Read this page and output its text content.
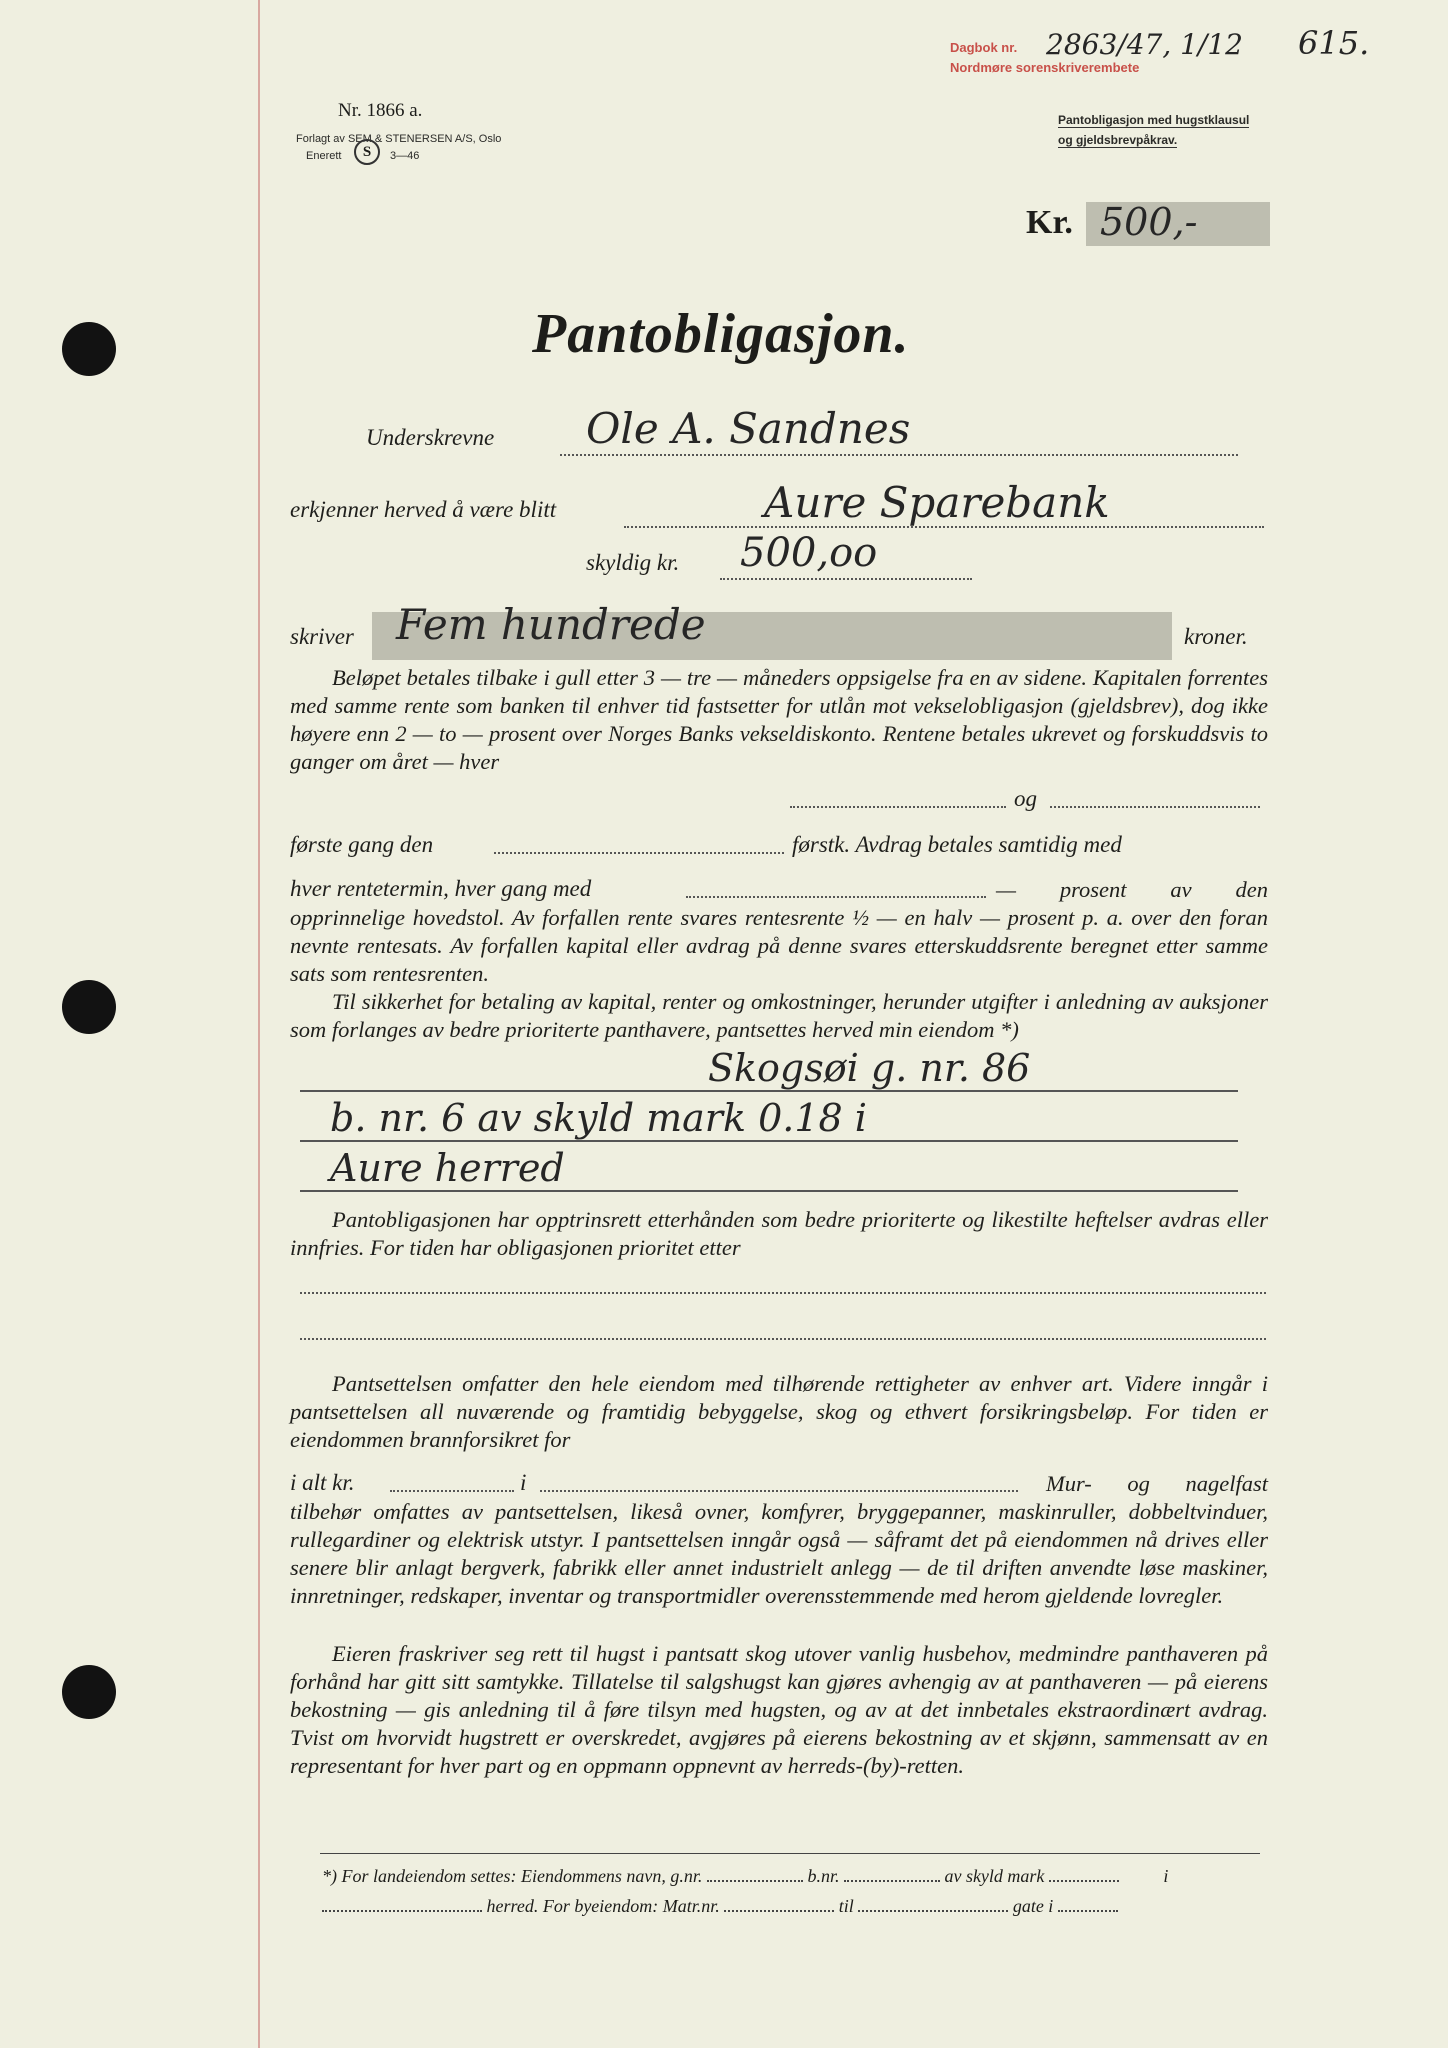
Dagbok nr. 2863/47, 1/12 615.
Nordmøre sorenskriverembete
Nr. 1866 a.
Forlagt av SEM & STENERSEN A/S, Oslo
Enerett	S	3—46
Pantobligasjon med hugstklausul
og gjeldsbrevpåkrav.
Kr. 500,-
Pantobligasjon.
Underskrevne Ole A. Sandnes
erkjenner herved å være blitt	Aure Sparebank
skyldig kr. 500,oo
skriver Fem hundrede	kroner.

Beløpet betales tilbake i gull etter 3 — tre — måneders oppsigelse fra en av sidene. Kapitalen forrentes med samme rente som banken til enhver tid fastsetter for utlån mot vekselobligasjon (gjeldsbrev), dog ikke høyere enn 2 — to — prosent over Norges Banks vekseldiskonto. Rentene betales ukrevet og forskuddsvis to ganger om året — hver

og
første gang den	førstk. Avdrag betales samtidig med
hver rentetermin, hver gang med	— prosent av den opprinnelige hovedstol. Av forfallen rente svares rentesrente ½ — en halv — prosent p. a. over den foran nevnte rentesats. Av forfallen kapital eller avdrag på denne svares etterskuddsrente beregnet etter samme sats som rentesrenten.

Til sikkerhet for betaling av kapital, renter og omkostninger, herunder utgifter i anledning av auksjoner som forlanges av bedre prioriterte panthavere, pantsettes herved min eiendom *)

Skogsøi g. nr. 86
b. nr. 6 av skyld mark 0.18 i
Aure herred

Pantobligasjonen har opptrinsrett etterhånden som bedre prioriterte og likestilte heftelser avdras eller innfries. For tiden har obligasjonen prioritet etter

Pantsettelsen omfatter den hele eiendom med tilhørende rettigheter av enhver art. Videre inngår i pantsettelsen all nuværende og framtidig bebyggelse, skog og ethvert forsikringsbeløp. For tiden er eiendommen brannforsikret for

i alt kr.	i	Mur- og nagelfast tilbehør omfattes av pantsettelsen, likeså ovner, komfyrer, bryggepanner, maskinruller, dobbeltvinduer, rullegardiner og elektrisk utstyr. I pantsettelsen inngår også — såframt det på eiendommen nå drives eller senere blir anlagt bergverk, fabrikk eller annet industrielt anlegg — de til driften anvendte løse maskiner, innretninger, redskaper, inventar og transportmidler overensstemmende med herom gjeldende lovregler.

Eieren fraskriver seg rett til hugst i pantsatt skog utover vanlig husbehov, medmindre panthaveren på forhånd har gitt sitt samtykke. Tillatelse til salgshugst kan gjøres avhengig av at panthaveren — på eierens bekostning — gis anledning til å føre tilsyn med hugsten, og av at det innbetales ekstraordinært avdrag. Tvist om hvorvidt hugstrett er overskredet, avgjøres på eierens bekostning av et skjønn, sammensatt av en representant for hver part og en oppmann oppnevnt av herreds-(by)-retten.

*) For landeiendom settes: Eiendommens navn, g.nr.	b.nr.	av skyld mark	i
herred. For byeiendom: Matr.nr.	til	gate i
